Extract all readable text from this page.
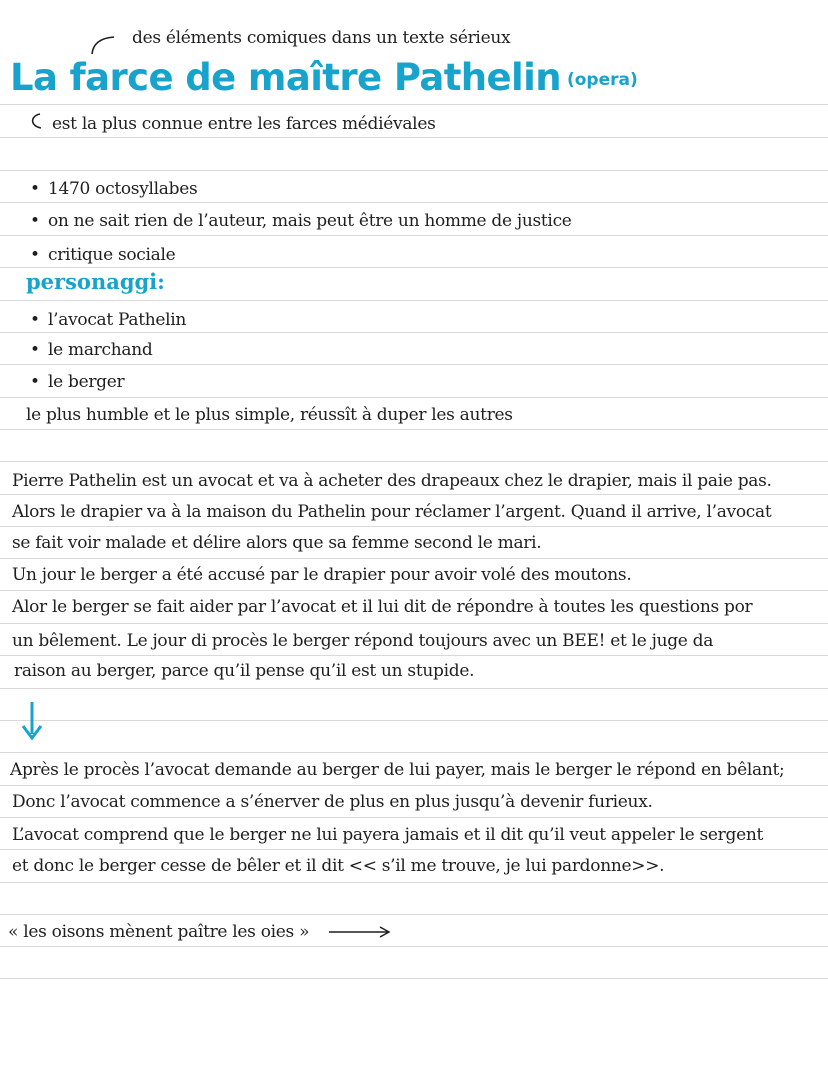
des éléments comiques dans un texte sérieux
La farce de maître Pathelin (opera)
est la plus connue entre les farces médiévales
• 1470 octosyllabes
• on ne sait rien de l’auteur, mais peut être un homme de justice
• critique sociale
personaggi:
• l’avocat Pathelin
• le marchand
• le berger
le plus humble et le plus simple, réussît à duper les autres
Pierre Pathelin est un avocat et va à acheter des drapeaux chez le drapier, mais il paie pas.
Alors le drapier va à la maison du Pathelin pour réclamer l’argent. Quand il arrive, l’avocat
se fait voir malade et délire alors que sa femme second le mari.
Un jour le berger a été accusé par le drapier pour avoir volé des moutons.
Alor le berger se fait aider par l’avocat et il lui dit de répondre à toutes les questions por
un bêlement. Le jour di procès le berger répond toujours avec un BEE! et le juge da
raison au berger, parce qu’il pense qu’il est un stupide.
Après le procès l’avocat demande au berger de lui payer, mais le berger le répond en bêlant;
Donc l’avocat commence a s’énerver de plus en plus jusqu’à devenir furieux.
L’avocat comprend que le berger ne lui payera jamais et il dit qu’il veut appeler le sergent
et donc le berger cesse de bêler et il dit << s’il me trouve, je lui pardonne>>.
« les oisons mènent paître les oies »
